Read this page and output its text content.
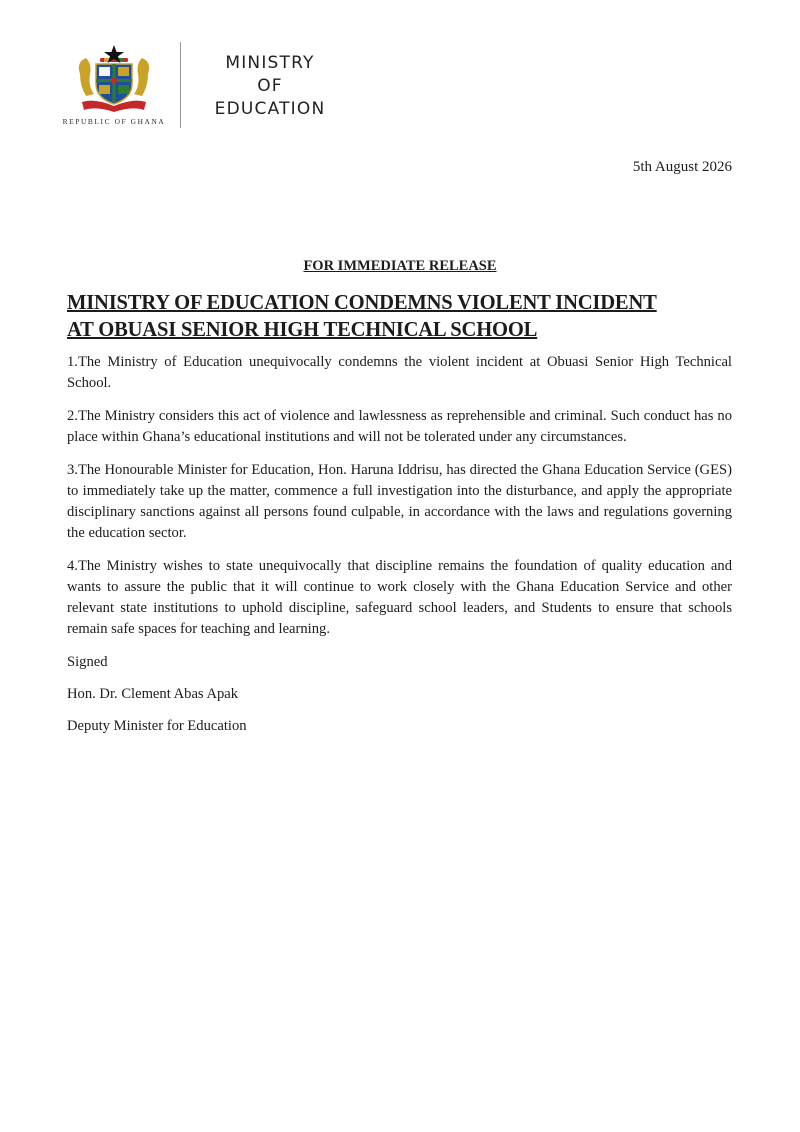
REPUBLIC OF GHANA
MINISTRY
OF
EDUCATION
5th August 2026
FOR IMMEDIATE RELEASE
MINISTRY OF EDUCATION CONDEMNS VIOLENT INCIDENT
AT OBUASI SENIOR HIGH TECHNICAL SCHOOL

1.The Ministry of Education unequivocally condemns the violent incident at Obuasi Senior High Technical School.

2.The Ministry considers this act of violence and lawlessness as reprehensible and criminal. Such conduct has no place within Ghana’s educational institutions and will not be tolerated under any circumstances.

3.The Honourable Minister for Education, Hon. Haruna Iddrisu, has directed the Ghana Education Service (GES) to immediately take up the matter, commence a full investigation into the disturbance, and apply the appropriate disciplinary sanctions against all persons found culpable, in accordance with the laws and regulations governing the education sector.

4.The Ministry wishes to state unequivocally that discipline remains the foundation of quality education and wants to assure the public that it will continue to work closely with the Ghana Education Service and other relevant state institutions to uphold discipline, safeguard school leaders, and Students to ensure that schools remain safe spaces for teaching and learning.

Signed
Hon. Dr. Clement Abas Apak
Deputy Minister for Education
